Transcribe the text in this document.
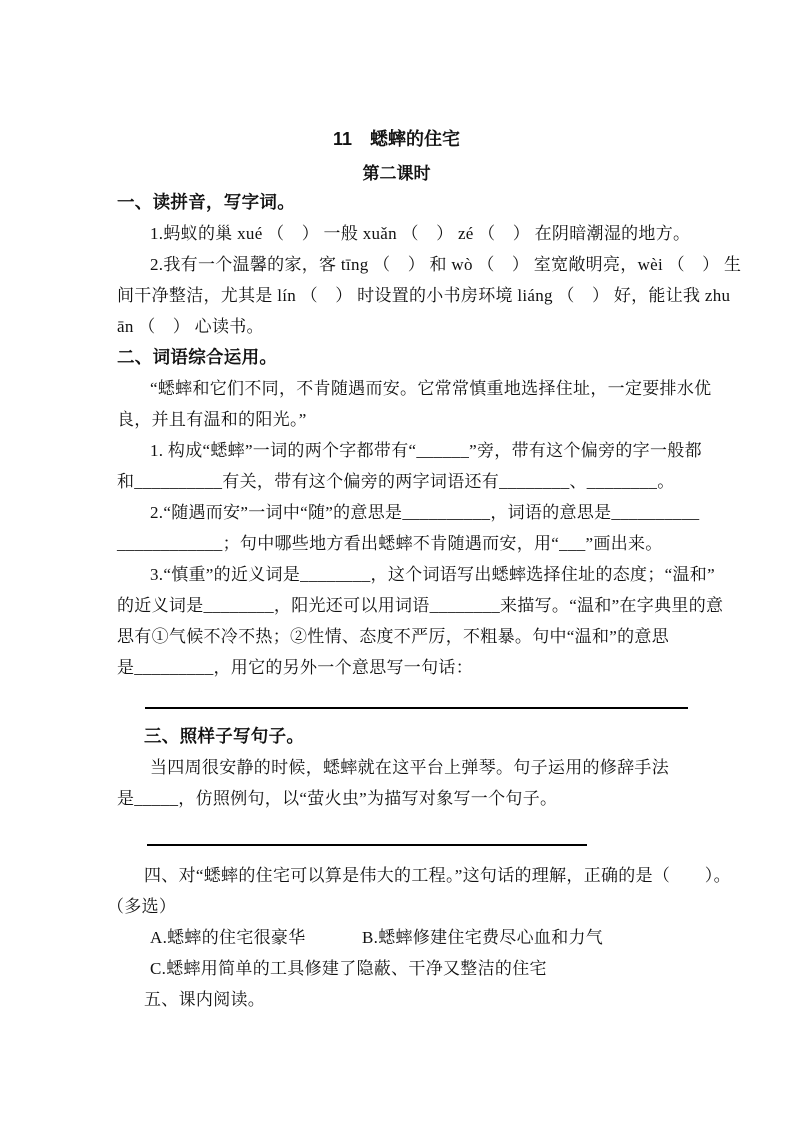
11　蟋蟀的住宅
第二课时
一、读拼音，写字词。
1.蚂蚁的巢 xué （　） 一般 xuǎn （　） zé （　） 在阴暗潮湿的地方。
2.我有一个温馨的家，客 tīng （　） 和 wò （　） 室宽敞明亮，wèi （　） 生
间干净整洁，尤其是 lín （　） 时设置的小书房环境 liáng （　） 好，能让我 zhu
ān （　） 心读书。
二、词语综合运用。
“蟋蟀和它们不同，不肯随遇而安。它常常慎重地选择住址，一定要排水优
良，并且有温和的阳光。”
1. 构成“蟋蟀”一词的两个字都带有“______”旁，带有这个偏旁的字一般都
和__________有关，带有这个偏旁的两字词语还有________、________。
2.“随遇而安”一词中“随”的意思是__________，词语的意思是__________
____________；句中哪些地方看出蟋蟀不肯随遇而安，用“___”画出来。
3.“慎重”的近义词是________，这个词语写出蟋蟀选择住址的态度；“温和”
的近义词是________，阳光还可以用词语________来描写。“温和”在字典里的意
思有①气候不冷不热；②性情、态度不严厉，不粗暴。句中“温和”的意思
是_________，用它的另外一个意思写一句话：
三、照样子写句子。
当四周很安静的时候，蟋蟀就在这平台上弹琴。句子运用的修辞手法
是_____，仿照例句，以“萤火虫”为描写对象写一个句子。
四、对“蟋蟀的住宅可以算是伟大的工程。”这句话的理解，正确的是（　　）。
（多选）
A.蟋蟀的住宅很豪华	B.蟋蟀修建住宅费尽心血和力气
C.蟋蟀用简单的工具修建了隐蔽、干净又整洁的住宅
五、课内阅读。
